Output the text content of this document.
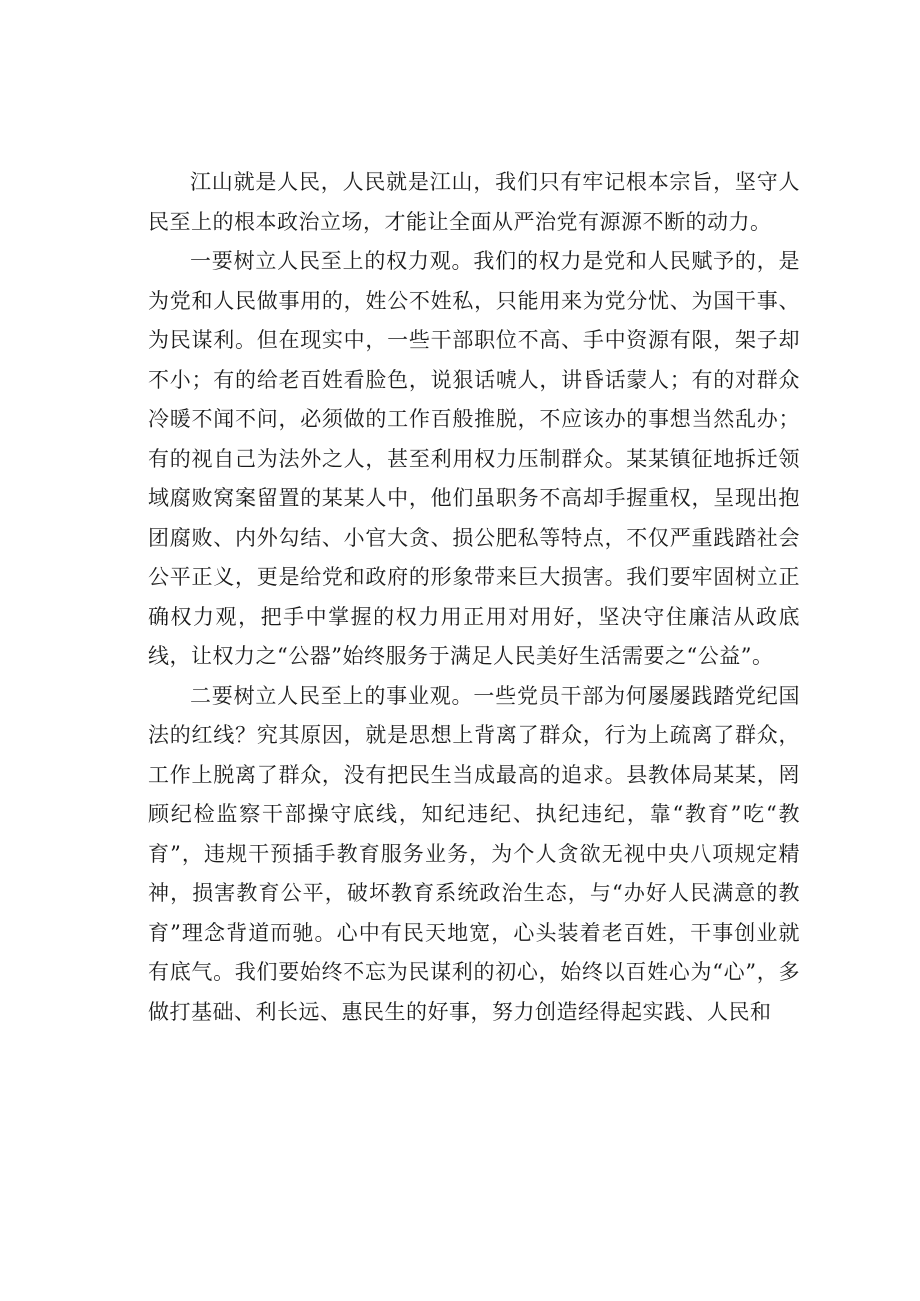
江山就是人民，人民就是江山，我们只有牢记根本宗旨，坚守人民至上的根本政治立场，才能让全面从严治党有源源不断的动力。

一要树立人民至上的权力观。我们的权力是党和人民赋予的，是为党和人民做事用的，姓公不姓私，只能用来为党分忧、为国干事、为民谋利。但在现实中，一些干部职位不高、手中资源有限，架子却不小；有的给老百姓看脸色，说狠话唬人，讲昏话蒙人；有的对群众冷暖不闻不问，必须做的工作百般推脱，不应该办的事想当然乱办；有的视自己为法外之人，甚至利用权力压制群众。某某镇征地拆迁领域腐败窝案留置的某某人中，他们虽职务不高却手握重权，呈现出抱团腐败、内外勾结、小官大贪、损公肥私等特点，不仅严重践踏社会公平正义，更是给党和政府的形象带来巨大损害。我们要牢固树立正确权力观，把手中掌握的权力用正用对用好，坚决守住廉洁从政底线，让权力之“公器”始终服务于满足人民美好生活需要之“公益”。

二要树立人民至上的事业观。一些党员干部为何屡屡践踏党纪国法的红线？究其原因，就是思想上背离了群众，行为上疏离了群众，工作上脱离了群众，没有把民生当成最高的追求。县教体局某某，罔顾纪检监察干部操守底线，知纪违纪、执纪违纪，靠“教育”吃“教育”，违规干预插手教育服务业务，为个人贪欲无视中央八项规定精神，损害教育公平，破坏教育系统政治生态，与“办好人民满意的教育”理念背道而驰。心中有民天地宽，心头装着老百姓，干事创业就有底气。我们要始终不忘为民谋利的初心，始终以百姓心为“心”，多做打基础、利长远、惠民生的好事，努力创造经得起实践、人民和
